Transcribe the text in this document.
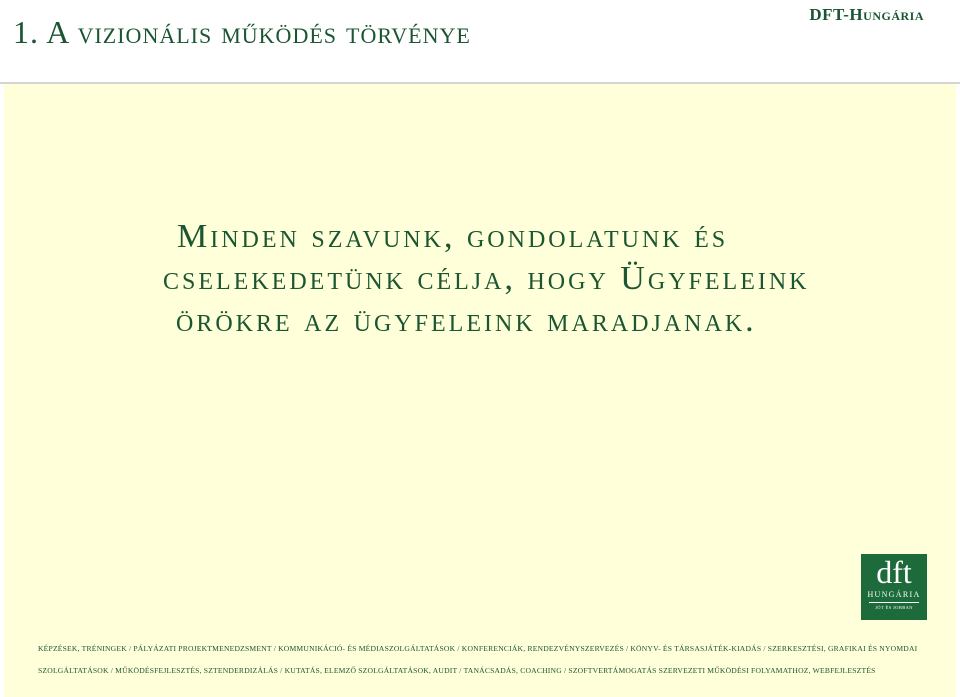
1. A vizionális működés törvénye	DFT-Hungária
Minden szavunk, gondolatunk és
cselekedetünk célja, hogy Ügyfeleink
örökre az ügyfeleink maradjanak.
dft
HUNGÁRIA
JÓT ÉS JOBBAN
KÉPZÉSEK, TRÉNINGEK / PÁLYÁZATI PROJEKTMENEDZSMENT / KOMMUNIKÁCIÓ- ÉS MÉDIASZOLGÁLTATÁSOK / KONFERENCIÁK, RENDEZVÉNYSZERVEZÉS / KÖNYV- ÉS TÁRSASJÁTÉK-KIADÁS / SZERKESZTÉSI, GRAFIKAI ÉS NYOMDAI
SZOLGÁLTATÁSOK / MŰKÖDÉSFEJLESZTÉS, SZTENDERDIZÁLÁS / KUTATÁS, ELEMZŐ SZOLGÁLTATÁSOK, AUDIT / TANÁCSADÁS, COACHING / SZOFTVERTÁMOGATÁS SZERVEZETI MŰKÖDÉSI FOLYAMATHOZ, WEBFEJLESZTÉS
